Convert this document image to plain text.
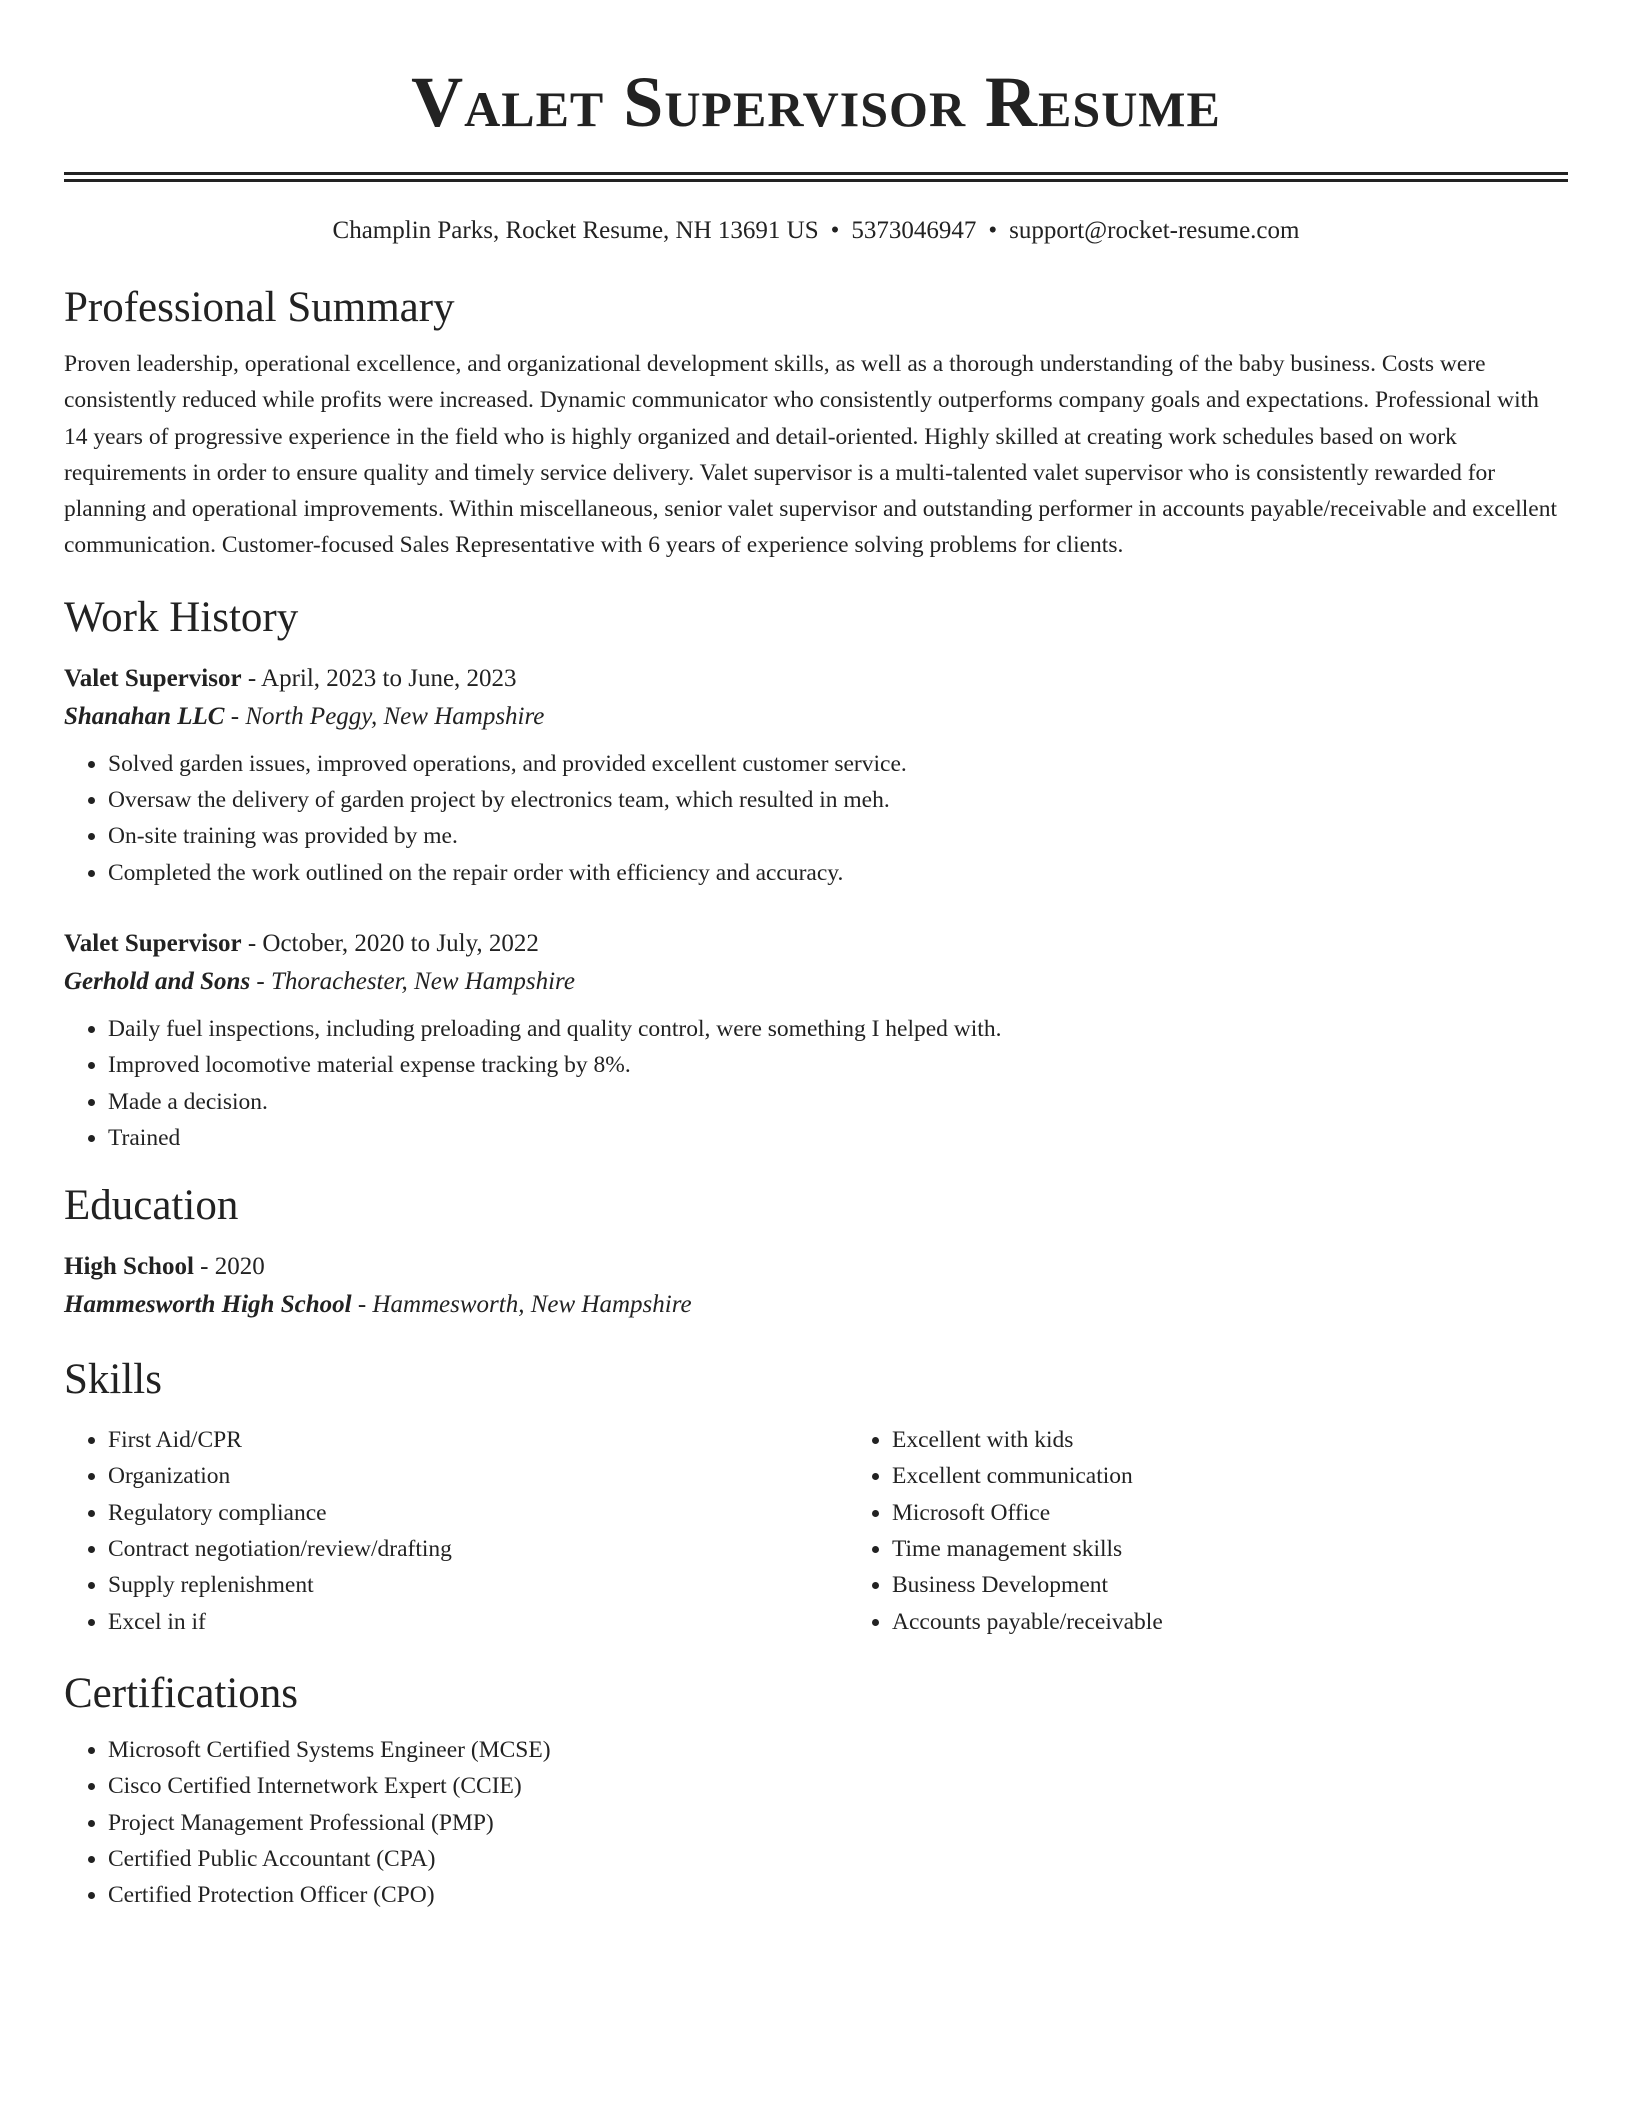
Valet Supervisor Resume
Champlin Parks, Rocket Resume, NH 13691 US • 5373046947 • support@rocket-resume.com
Professional Summary

Proven leadership, operational excellence, and organizational development skills, as well as a thorough understanding of the baby business. Costs were consistently reduced while profits were increased. Dynamic communicator who consistently outperforms company goals and expectations. Professional with 14 years of progressive experience in the field who is highly organized and detail-oriented. Highly skilled at creating work schedules based on work requirements in order to ensure quality and timely service delivery. Valet supervisor is a multi-talented valet supervisor who is consistently rewarded for planning and operational improvements. Within miscellaneous, senior valet supervisor and outstanding performer in accounts payable/receivable and excellent communication. Customer-focused Sales Representative with 6 years of experience solving problems for clients.

Work History

Valet Supervisor - April, 2023 to June, 2023

Shanahan LLC - North Peggy, New Hampshire

• Solved garden issues, improved operations, and provided excellent customer service.
• Oversaw the delivery of garden project by electronics team, which resulted in meh.
• On-site training was provided by me.
• Completed the work outlined on the repair order with efficiency and accuracy.

Valet Supervisor - October, 2020 to July, 2022

Gerhold and Sons - Thorachester, New Hampshire

• Daily fuel inspections, including preloading and quality control, were something I helped with.
• Improved locomotive material expense tracking by 8%.
• Made a decision.
• Trained
Education

High School - 2020

Hammesworth High School - Hammesworth, New Hampshire

Skills
• First Aid/CPR
• Organization
• Regulatory compliance
• Contract negotiation/review/drafting
• Supply replenishment
• Excel in if
• Excellent with kids
• Excellent communication
• Microsoft Office
• Time management skills
• Business Development
• Accounts payable/receivable
Certifications
• Microsoft Certified Systems Engineer (MCSE)
• Cisco Certified Internetwork Expert (CCIE)
• Project Management Professional (PMP)
• Certified Public Accountant (CPA)
• Certified Protection Officer (CPO)
